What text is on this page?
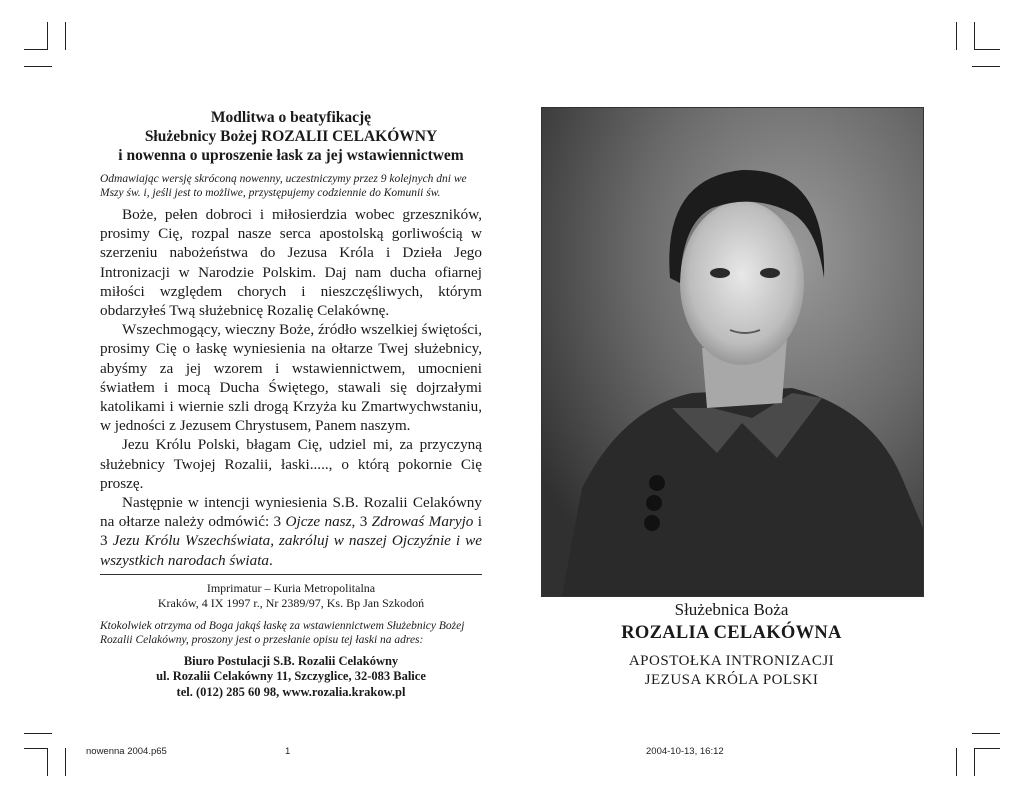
Modlitwa o beatyfikację
Służebnicy Bożej ROZALII CELAKÓWNY
i nowenna o uproszenie łask za jej wstawiennictwem
Odmawiając wersję skróconą nowenny, uczestniczymy przez 9 kolejnych dni we Mszy św. i, jeśli jest to możliwe, przystępujemy codziennie do Komunii św.

Boże, pełen dobroci i miłosierdzia wobec grzeszników, prosimy Cię, rozpal nasze serca apostolską gorliwością w szerzeniu nabożeństwa do Jezusa Króla i Dzieła Jego Intronizacji w Narodzie Polskim. Daj nam ducha ofiarnej miłości względem chorych i nieszczęśliwych, którym obdarzyłeś Twą służebnicę Rozalię Celakównę.

Wszechmogący, wieczny Boże, źródło wszelkiej świętości, prosimy Cię o łaskę wyniesienia na ołtarze Twej służebnicy, abyśmy za jej wzorem i wstawiennictwem, umocnieni światłem i mocą Ducha Świętego, stawali się dojrzałymi katolikami i wiernie szli drogą Krzyża ku Zmartwychwstaniu, w jedności z Jezusem Chrystusem, Panem naszym.

Jezu Królu Polski, błagam Cię, udziel mi, za przyczyną służebnicy Twojej Rozalii, łaski....., o którą pokornie Cię proszę.

Następnie w intencji wyniesienia S.B. Rozalii Celakówny na ołtarze należy odmówić: 3 Ojcze nasz, 3 Zdrowaś Maryjo i 3 Jezu Królu Wszechświata, zakróluj w naszej Ojczyźnie i we wszystkich narodach świata.

Imprimatur – Kuria Metropolitalna
Kraków, 4 IX 1997 r., Nr 2389/97, Ks. Bp Jan Szkodoń
Ktokolwiek otrzyma od Boga jakąś łaskę za wstawiennictwem Służebnicy Bożej Rozalii Celakówny, proszony jest o przesłanie opisu tej łaski na adres:
Biuro Postulacji S.B. Rozalii Celakówny
ul. Rozalii Celakówny 11, Szczyglice, 32-083 Balice
tel. (012) 285 60 98, www.rozalia.krakow.pl
Służebnica Boża
ROZALIA CELAKÓWNA
APOSTOŁKA INTRONIZACJI
JEZUSA KRÓLA POLSKI
nowenna 2004.p65	1	2004-10-13, 16:12
